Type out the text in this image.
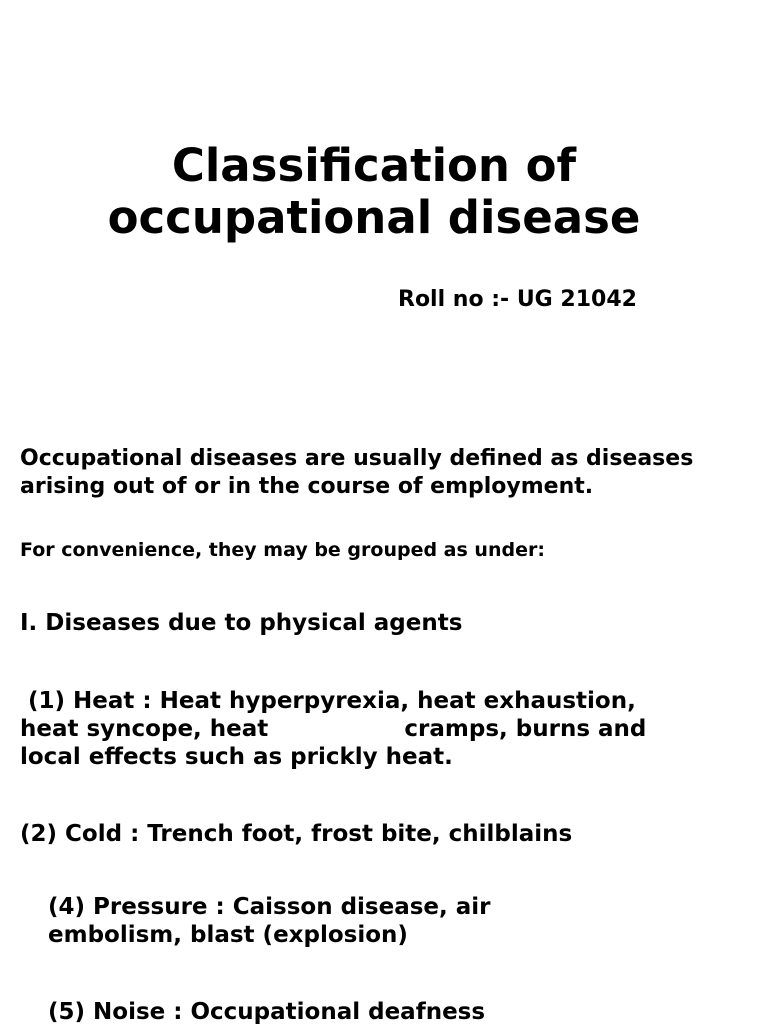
Classification of
occupational disease
Roll no :- UG 21042
Occupational diseases are usually defined as diseases arising out of or in the course of employment.
For convenience, they may be grouped as under:
I. Diseases due to physical agents
(1) Heat : Heat hyperpyrexia, heat exhaustion,
heat syncope, heat                 cramps, burns and
local effects such as prickly heat.
(2) Cold : Trench foot, frost bite, chilblains
(4) Pressure : Caisson disease, air
embolism, blast (explosion)
(5) Noise : Occupational deafness
